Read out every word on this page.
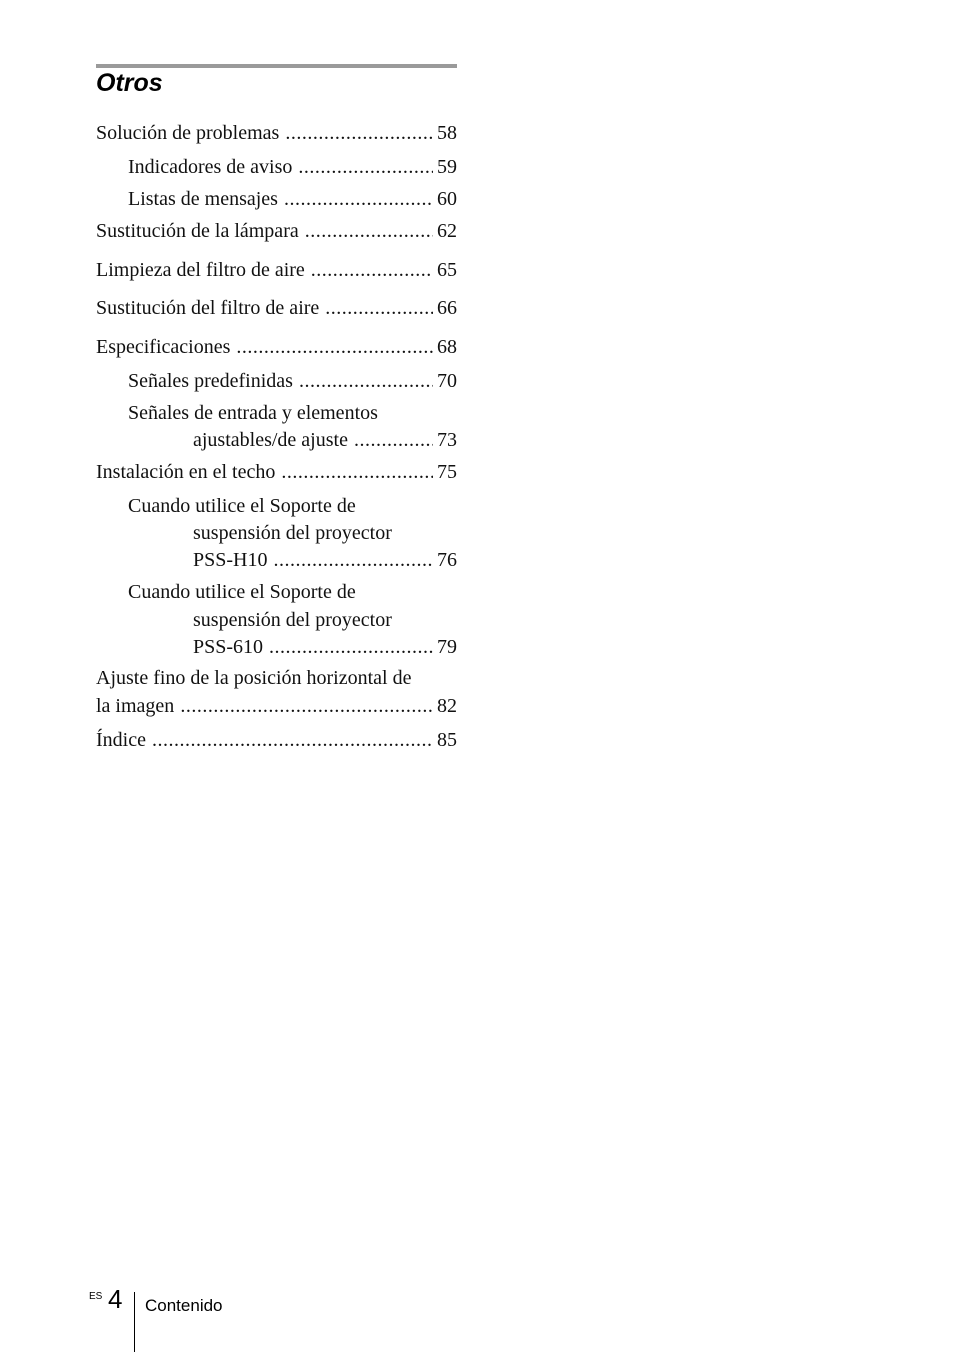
Otros
Solución de problemas .....	58
Indicadores de aviso .....	59
Listas de mensajes .....	60
Sustitución de la lámpara .....	62
Limpieza del filtro de aire .....	65
Sustitución del filtro de aire .....	66
Especificaciones .....	68
Señales predefinidas .....	70
Señales de entrada y elementos
ajustables/de ajuste .....	73
Instalación en el techo .....	75
Cuando utilice el Soporte de
suspensión del proyector
PSS-H10 .....	76
Cuando utilice el Soporte de
suspensión del proyector
PSS-610 .....	79
Ajuste fino de la posición horizontal de
la imagen .....	82
Índice .....	85
ES 4 Contenido
